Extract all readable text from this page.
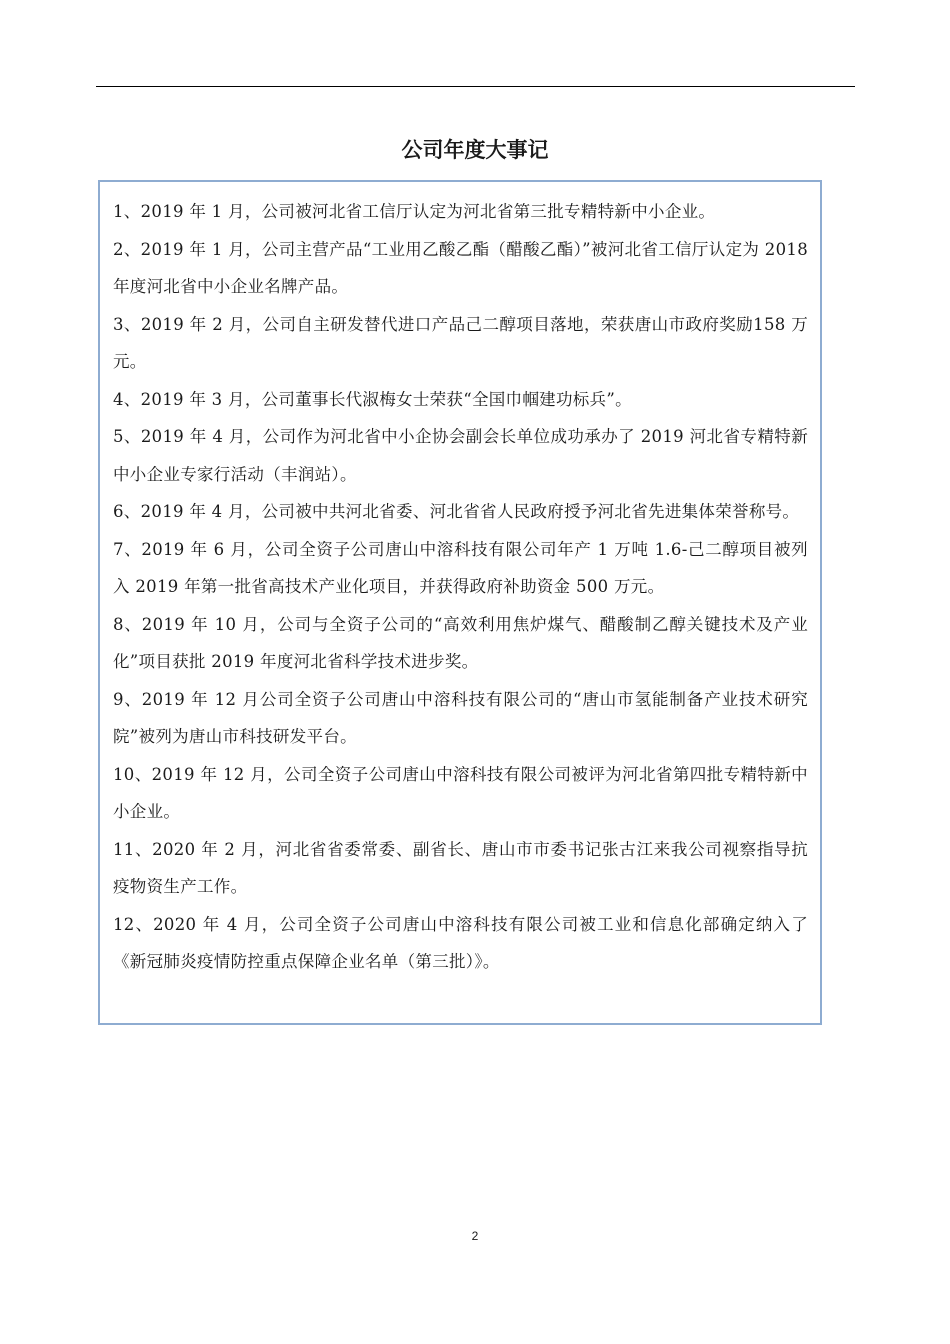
公司年度大事记
1、2019 年 1 月，公司被河北省工信厅认定为河北省第三批专精特新中小企业。
2、2019 年 1 月，公司主营产品“工业用乙酸乙酯（醋酸乙酯）”被河北省工信厅认定为 2018 年度河北省中小企业名牌产品。
3、2019 年 2 月，公司自主研发替代进口产品己二醇项目落地，荣获唐山市政府奖励158 万元。
4、2019 年 3 月，公司董事长代淑梅女士荣获“全国巾帼建功标兵”。
5、2019 年 4 月，公司作为河北省中小企协会副会长单位成功承办了 2019 河北省专精特新中小企业专家行活动（丰润站）。
6、2019 年 4 月，公司被中共河北省委、河北省省人民政府授予河北省先进集体荣誉称号。
7、2019 年 6 月，公司全资子公司唐山中溶科技有限公司年产 1 万吨 1.6-己二醇项目被列入 2019 年第一批省高技术产业化项目，并获得政府补助资金 500 万元。
8、2019 年 10 月，公司与全资子公司的“高效利用焦炉煤气、醋酸制乙醇关键技术及产业化”项目获批 2019 年度河北省科学技术进步奖。
9、2019 年 12 月公司全资子公司唐山中溶科技有限公司的“唐山市氢能制备产业技术研究院”被列为唐山市科技研发平台。
10、2019 年 12 月，公司全资子公司唐山中溶科技有限公司被评为河北省第四批专精特新中小企业。
11、2020 年 2 月，河北省省委常委、副省长、唐山市市委书记张古江来我公司视察指导抗疫物资生产工作。
12、2020 年 4 月，公司全资子公司唐山中溶科技有限公司被工业和信息化部确定纳入了《新冠肺炎疫情防控重点保障企业名单（第三批）》。
2
